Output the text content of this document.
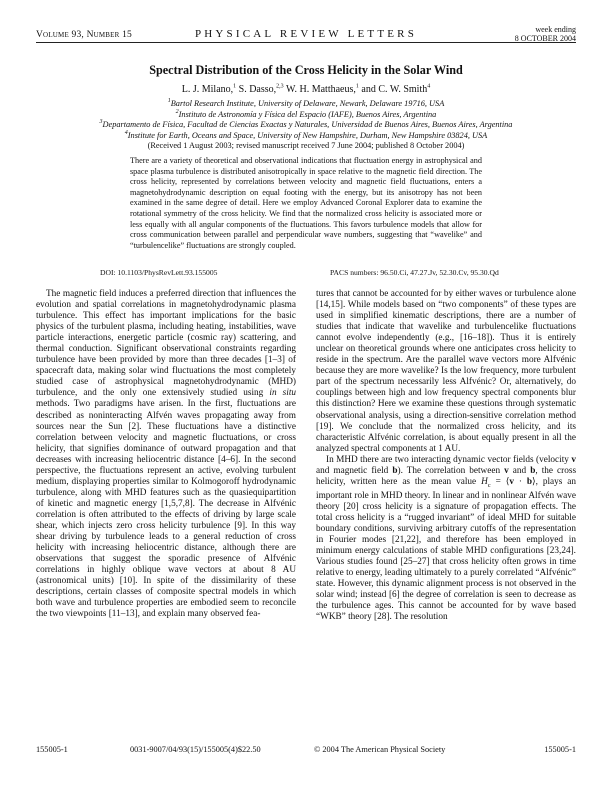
Volume 93, Number 15	PHYSICAL REVIEW LETTERS	week ending
8 OCTOBER 2004
Spectral Distribution of the Cross Helicity in the Solar Wind
L. J. Milano,$^1$ S. Dasso,$^{2,3}$ W. H. Matthaeus,$^1$ and C. W. Smith$^4$
$^1$Bartol Research Institute, University of Delaware, Newark, Delaware 19716, USA
$^2$Instituto de Astronomía y Física del Espacio (IAFE), Buenos Aires, Argentina
$^3$Departamento de Física, Facultad de Ciencias Exactas y Naturales, Universidad de Buenos Aires, Buenos Aires, Argentina
$^4$Institute for Earth, Oceans and Space, University of New Hampshire, Durham, New Hampshire 03824, USA
(Received 1 August 2003; revised manuscript received 7 June 2004; published 8 October 2004)
There are a variety of theoretical and observational indications that fluctuation energy in astrophysical and space plasma turbulence is distributed anisotropically in space relative to the magnetic field direction. The cross helicity, represented by correlations between velocity and magnetic field fluctuations, enters a magnetohydrodynamic description on equal footing with the energy, but its anisotropy has not been examined in the same degree of detail. Here we employ Advanced Coronal Explorer data to examine the rotational symmetry of the cross helicity. We find that the normalized cross helicity is associated more or less equally with all angular components of the fluctuations. This favors turbulence models that allow for cross communication between parallel and perpendicular wave numbers, suggesting that “wavelike” and “turbulencelike” fluctuations are strongly coupled.
DOI: 10.1103/PhysRevLett.93.155005	PACS numbers: 96.50.Ci, 47.27.Jv, 52.30.Cv, 95.30.Qd

The magnetic field induces a preferred direction that influences the evolution and spatial correlations in magnetohydrodynamic plasma turbulence. This effect has important implications for the basic physics of the turbulent plasma, including heating, instabilities, wave particle interactions, energetic particle (cosmic ray) scattering, and thermal conduction. Significant observational constraints regarding turbulence have been provided by more than three decades [1–3] of spacecraft data, making solar wind fluctuations the most completely studied case of astrophysical magnetohydrodynamic (MHD) turbulence, and the only one extensively studied using in situ methods. Two paradigms have arisen. In the first, fluctuations are described as noninteracting Alfvén waves propagating away from sources near the Sun [2]. These fluctuations have a distinctive correlation between velocity and magnetic fluctuations, or cross helicity, that signifies dominance of outward propagation and that decreases with increasing heliocentric distance [4–6]. In the second perspective, the fluctuations represent an active, evolving turbulent medium, displaying properties similar to Kolmogoroff hydrodynamic turbulence, along with MHD features such as the quasiequipartition of kinetic and magnetic energy [1,5,7,8]. The decrease in Alfvénic correlation is often attributed to the effects of driving by large scale shear, which injects zero cross helicity turbulence [9]. In this way shear driving by turbulence leads to a general reduction of cross helicity with increasing heliocentric distance, although there are observations that suggest the sporadic presence of Alfvénic correlations in highly oblique wave vectors at about 8 AU (astronomical units) [10]. In spite of the dissimilarity of these descriptions, certain classes of composite spectral models in which both wave and turbulence properties are embodied seem to reconcile the two viewpoints [11–13], and explain many observed fea-

tures that cannot be accounted for by either waves or turbulence alone [14,15]. While models based on “two components” of these types are used in simplified kinematic descriptions, there are a number of studies that indicate that wavelike and turbulencelike fluctuations cannot evolve independently (e.g., [16–18]). Thus it is entirely unclear on theoretical grounds where one anticipates cross helicity to reside in the spectrum. Are the parallel wave vectors more Alfvénic because they are more wavelike? Is the low frequency, more turbulent part of the spectrum necessarily less Alfvénic? Or, alternatively, do couplings between high and low frequency spectral components blur this distinction? Here we examine these questions through systematic observational analysis, using a direction-sensitive correlation method [19]. We conclude that the normalized cross helicity, and its characteristic Alfvénic correlation, is about equally present in all the analyzed spectral components at 1 AU.

In MHD there are two interacting dynamic vector fields (velocity v and magnetic field b). The correlation between v and b, the cross helicity, written here as the mean value $H_c$ = ⟨v · b⟩, plays an important role in MHD theory. In linear and in nonlinear Alfvén wave theory [20] cross helicity is a signature of propagation effects. The total cross helicity is a “rugged invariant” of ideal MHD for suitable boundary conditions, surviving arbitrary cutoffs of the representation in Fourier modes [21,22], and therefore has been employed in minimum energy calculations of stable MHD configurations [23,24]. Various studies found [25–27] that cross helicity often grows in time relative to energy, leading ultimately to a purely correlated “Alfvénic” state. However, this dynamic alignment process is not observed in the solar wind; instead [6] the degree of correlation is seen to decrease as the turbulence ages. This cannot be accounted for by wave based “WKB” theory [28]. The resolution

155005-1	0031-9007/04/93(15)/155005(4)$22.50	© 2004 The American Physical Society	155005-1
